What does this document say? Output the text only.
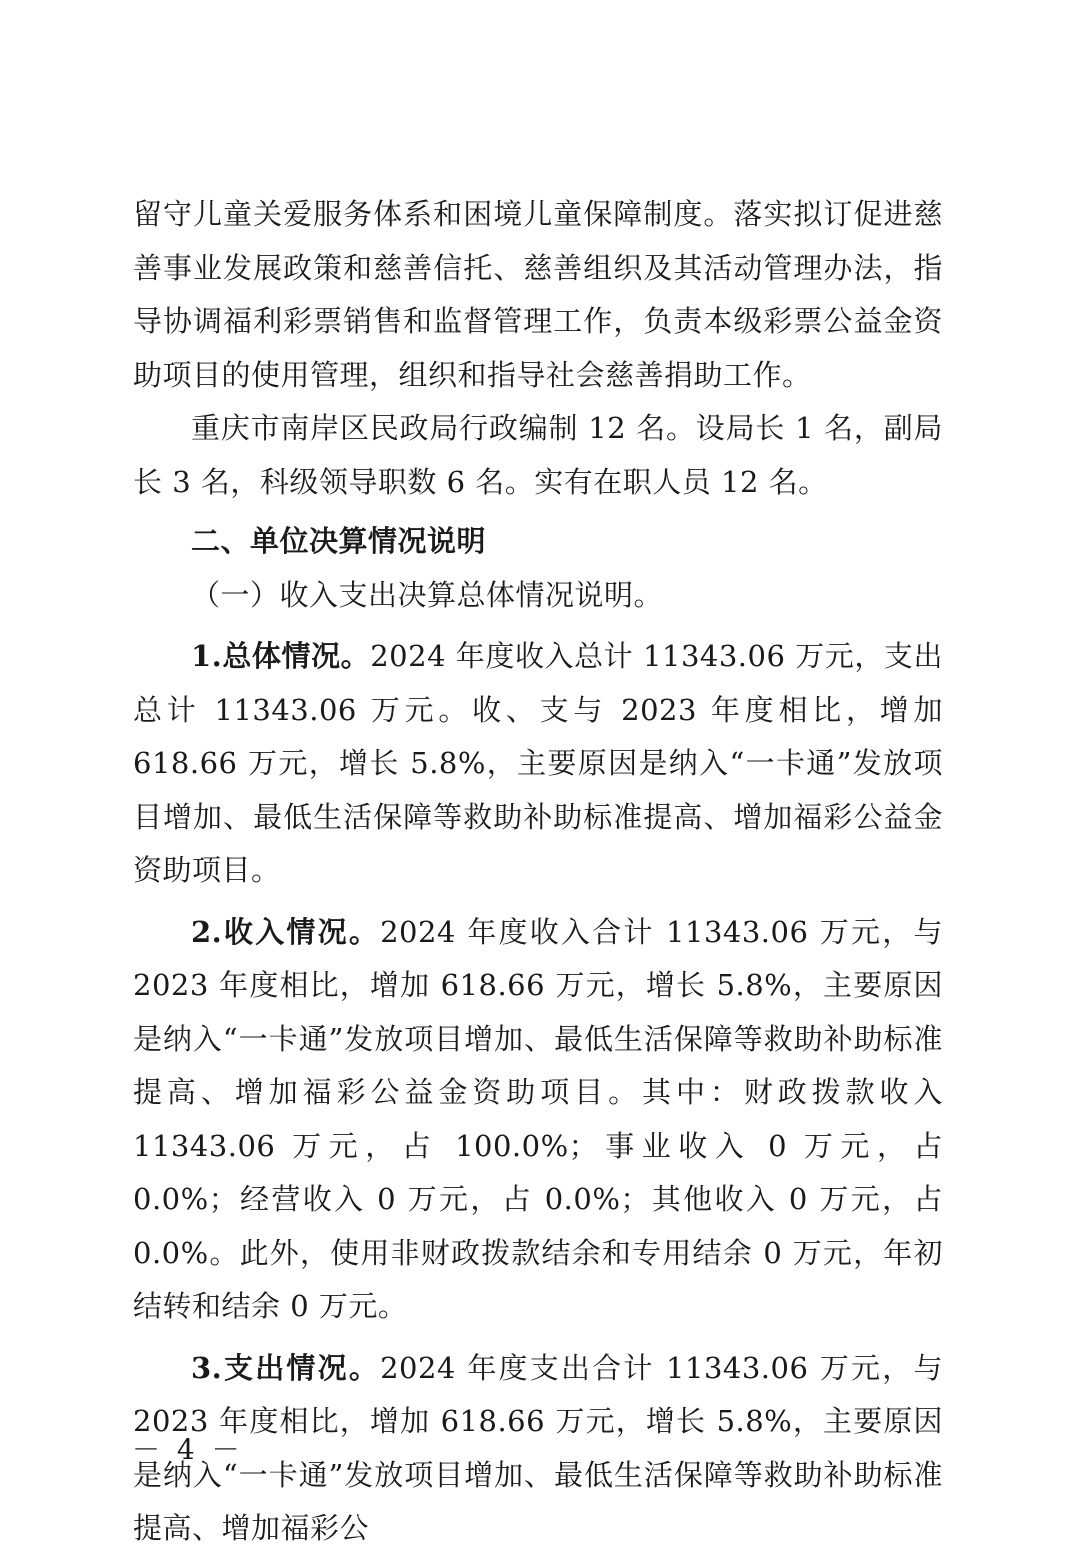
留守儿童关爱服务体系和困境儿童保障制度。落实拟订促进慈善事业发展政策和慈善信托、慈善组织及其活动管理办法，指导协调福利彩票销售和监督管理工作，负责本级彩票公益金资助项目的使用管理，组织和指导社会慈善捐助工作。

重庆市南岸区民政局行政编制 12 名。设局长 1 名，副局长 3 名，科级领导职数 6 名。实有在职人员 12 名。

二、单位决算情况说明

（一）收入支出决算总体情况说明。

1.总体情况。2024 年度收入总计 11343.06 万元，支出总计 11343.06 万元。收、支与 2023 年度相比，增加 618.66 万元，增长 5.8%，主要原因是纳入“一卡通”发放项目增加、最低生活保障等救助补助标准提高、增加福彩公益金资助项目。

2.收入情况。2024 年度收入合计 11343.06 万元，与 2023 年度相比，增加 618.66 万元，增长 5.8%，主要原因是纳入“一卡通”发放项目增加、最低生活保障等救助补助标准提高、增加福彩公益金资助项目。其中：财政拨款收入 11343.06 万元，占 100.0%；事业收入 0 万元，占 0.0%；经营收入 0 万元，占 0.0%；其他收入 0 万元，占 0.0%。此外，使用非财政拨款结余和专用结余 0 万元，年初结转和结余 0 万元。

3.支出情况。2024 年度支出合计 11343.06 万元，与 2023 年度相比，增加 618.66 万元，增长 5.8%，主要原因是纳入“一卡通”发放项目增加、最低生活保障等救助补助标准提高、增加福彩公

－ 4 －
